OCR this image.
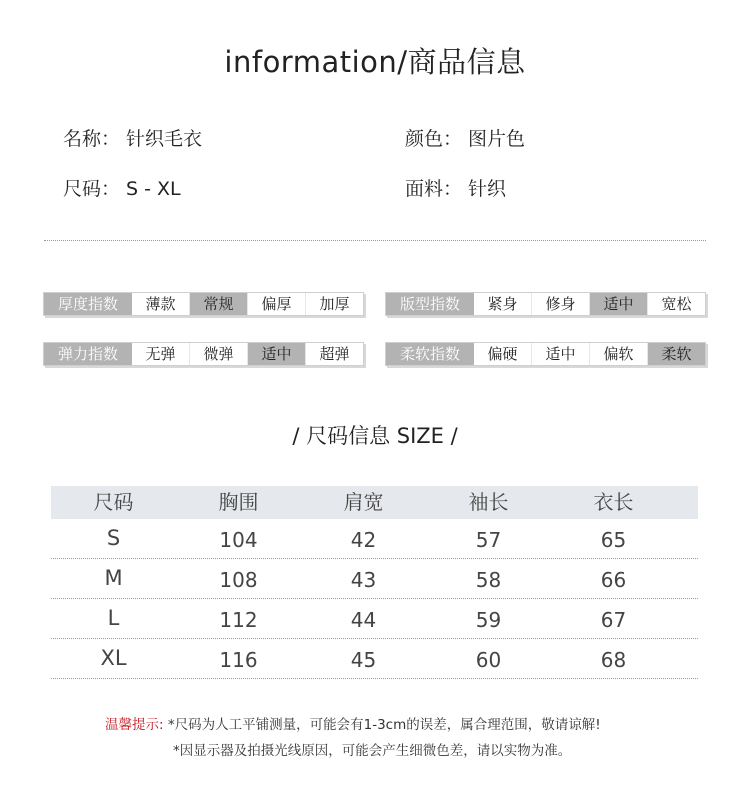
information/商品信息
名称： 针织毛衣	颜色： 图片色
尺码： S - XL	面料： 针织
厚度指数	薄款	常规	偏厚	加厚	版型指数	紧身	修身	适中	宽松
弹力指数	无弹	微弹	适中	超弹	柔软指数	偏硬	适中	偏软	柔软
/ 尺码信息 SIZE /
尺码	胸围	肩宽	袖长	衣长
S	104	42	57	65
M	108	43	58	66
L	112	44	59	67
XL	116	45	60	68
温馨提示: *尺码为人工平铺测量，可能会有1-3cm的误差，属合理范围，敬请谅解!
*因显示器及拍摄光线原因，可能会产生细微色差，请以实物为准。
